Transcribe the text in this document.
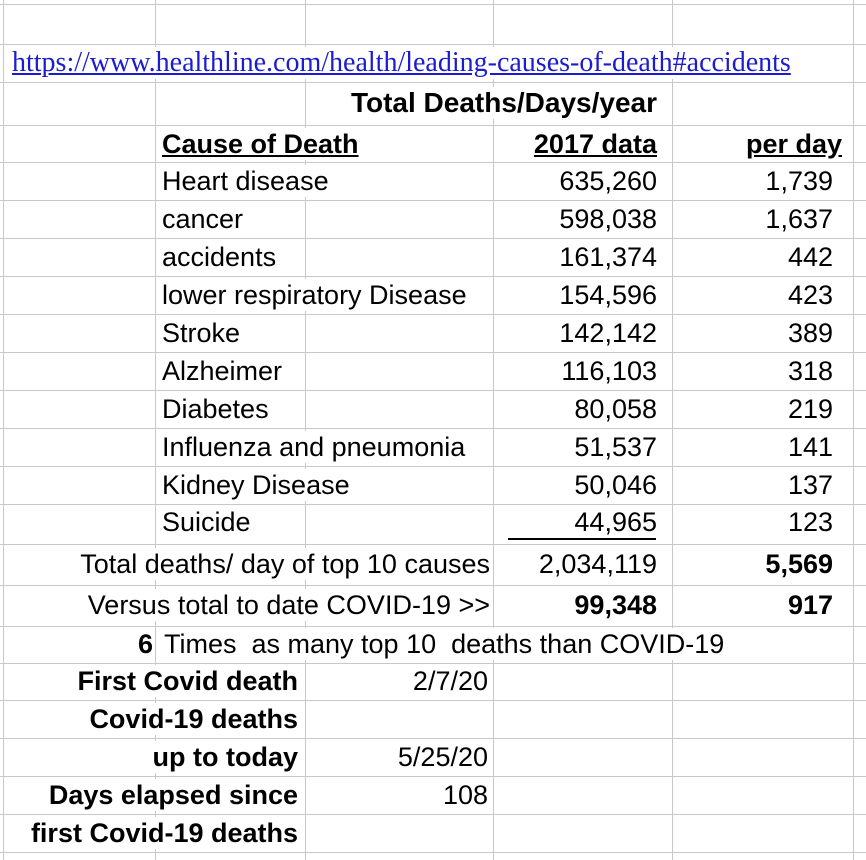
https://www.healthline.com/health/leading-causes-of-death#accidents
Total Deaths/Days/year
Cause of Death	2017 data	per day
Heart disease	635,260	1,739
cancer	598,038	1,637
accidents	161,374	442
lower respiratory Disease	154,596	423
Stroke	142,142	389
Alzheimer	116,103	318
Diabetes	80,058	219
Influenza and pneumonia	51,537	141
Kidney Disease	50,046	137
Suicide	44,965	123
Total deaths/ day of top 10 causes 2,034,119	5,569
Versus total to date COVID-19 >>	99,348	917
6 Times  as many top 10  deaths than COVID-19
First Covid death	2/7/20
Covid-19 deaths
up to today	5/25/20
Days elapsed since	108
first Covid-19 deaths
